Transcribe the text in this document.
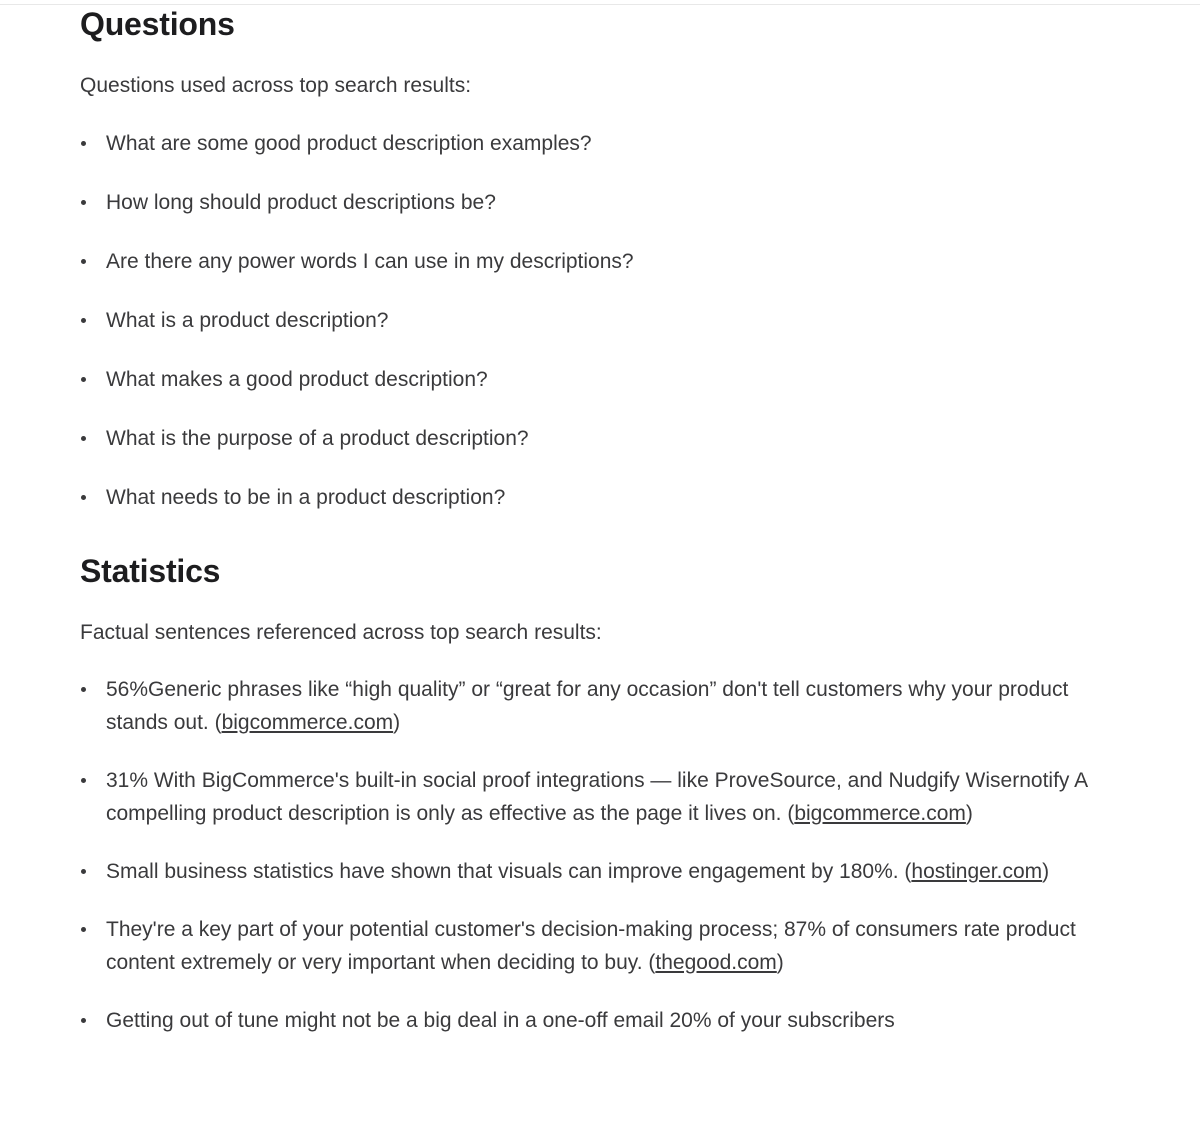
Questions

Questions used across top search results:

What are some good product description examples?
How long should product descriptions be?
Are there any power words I can use in my descriptions?
What is a product description?
What makes a good product description?
What is the purpose of a product description?
What needs to be in a product description?
Statistics

Factual sentences referenced across top search results:

56%Generic phrases like “high quality” or “great for any occasion” don't tell customers why your product stands out. (bigcommerce.com)
31% With BigCommerce's built-in social proof integrations — like ProveSource, and Nudgify Wisernotify A compelling product description is only as effective as the page it lives on. (bigcommerce.com)
Small business statistics have shown that visuals can improve engagement by 180%. (hostinger.com)
They're a key part of your potential customer's decision-making process; 87% of consumers rate product content extremely or very important when deciding to buy. (thegood.com)
Getting out of tune might not be a big deal in a one-off email 20% of your subscribers
